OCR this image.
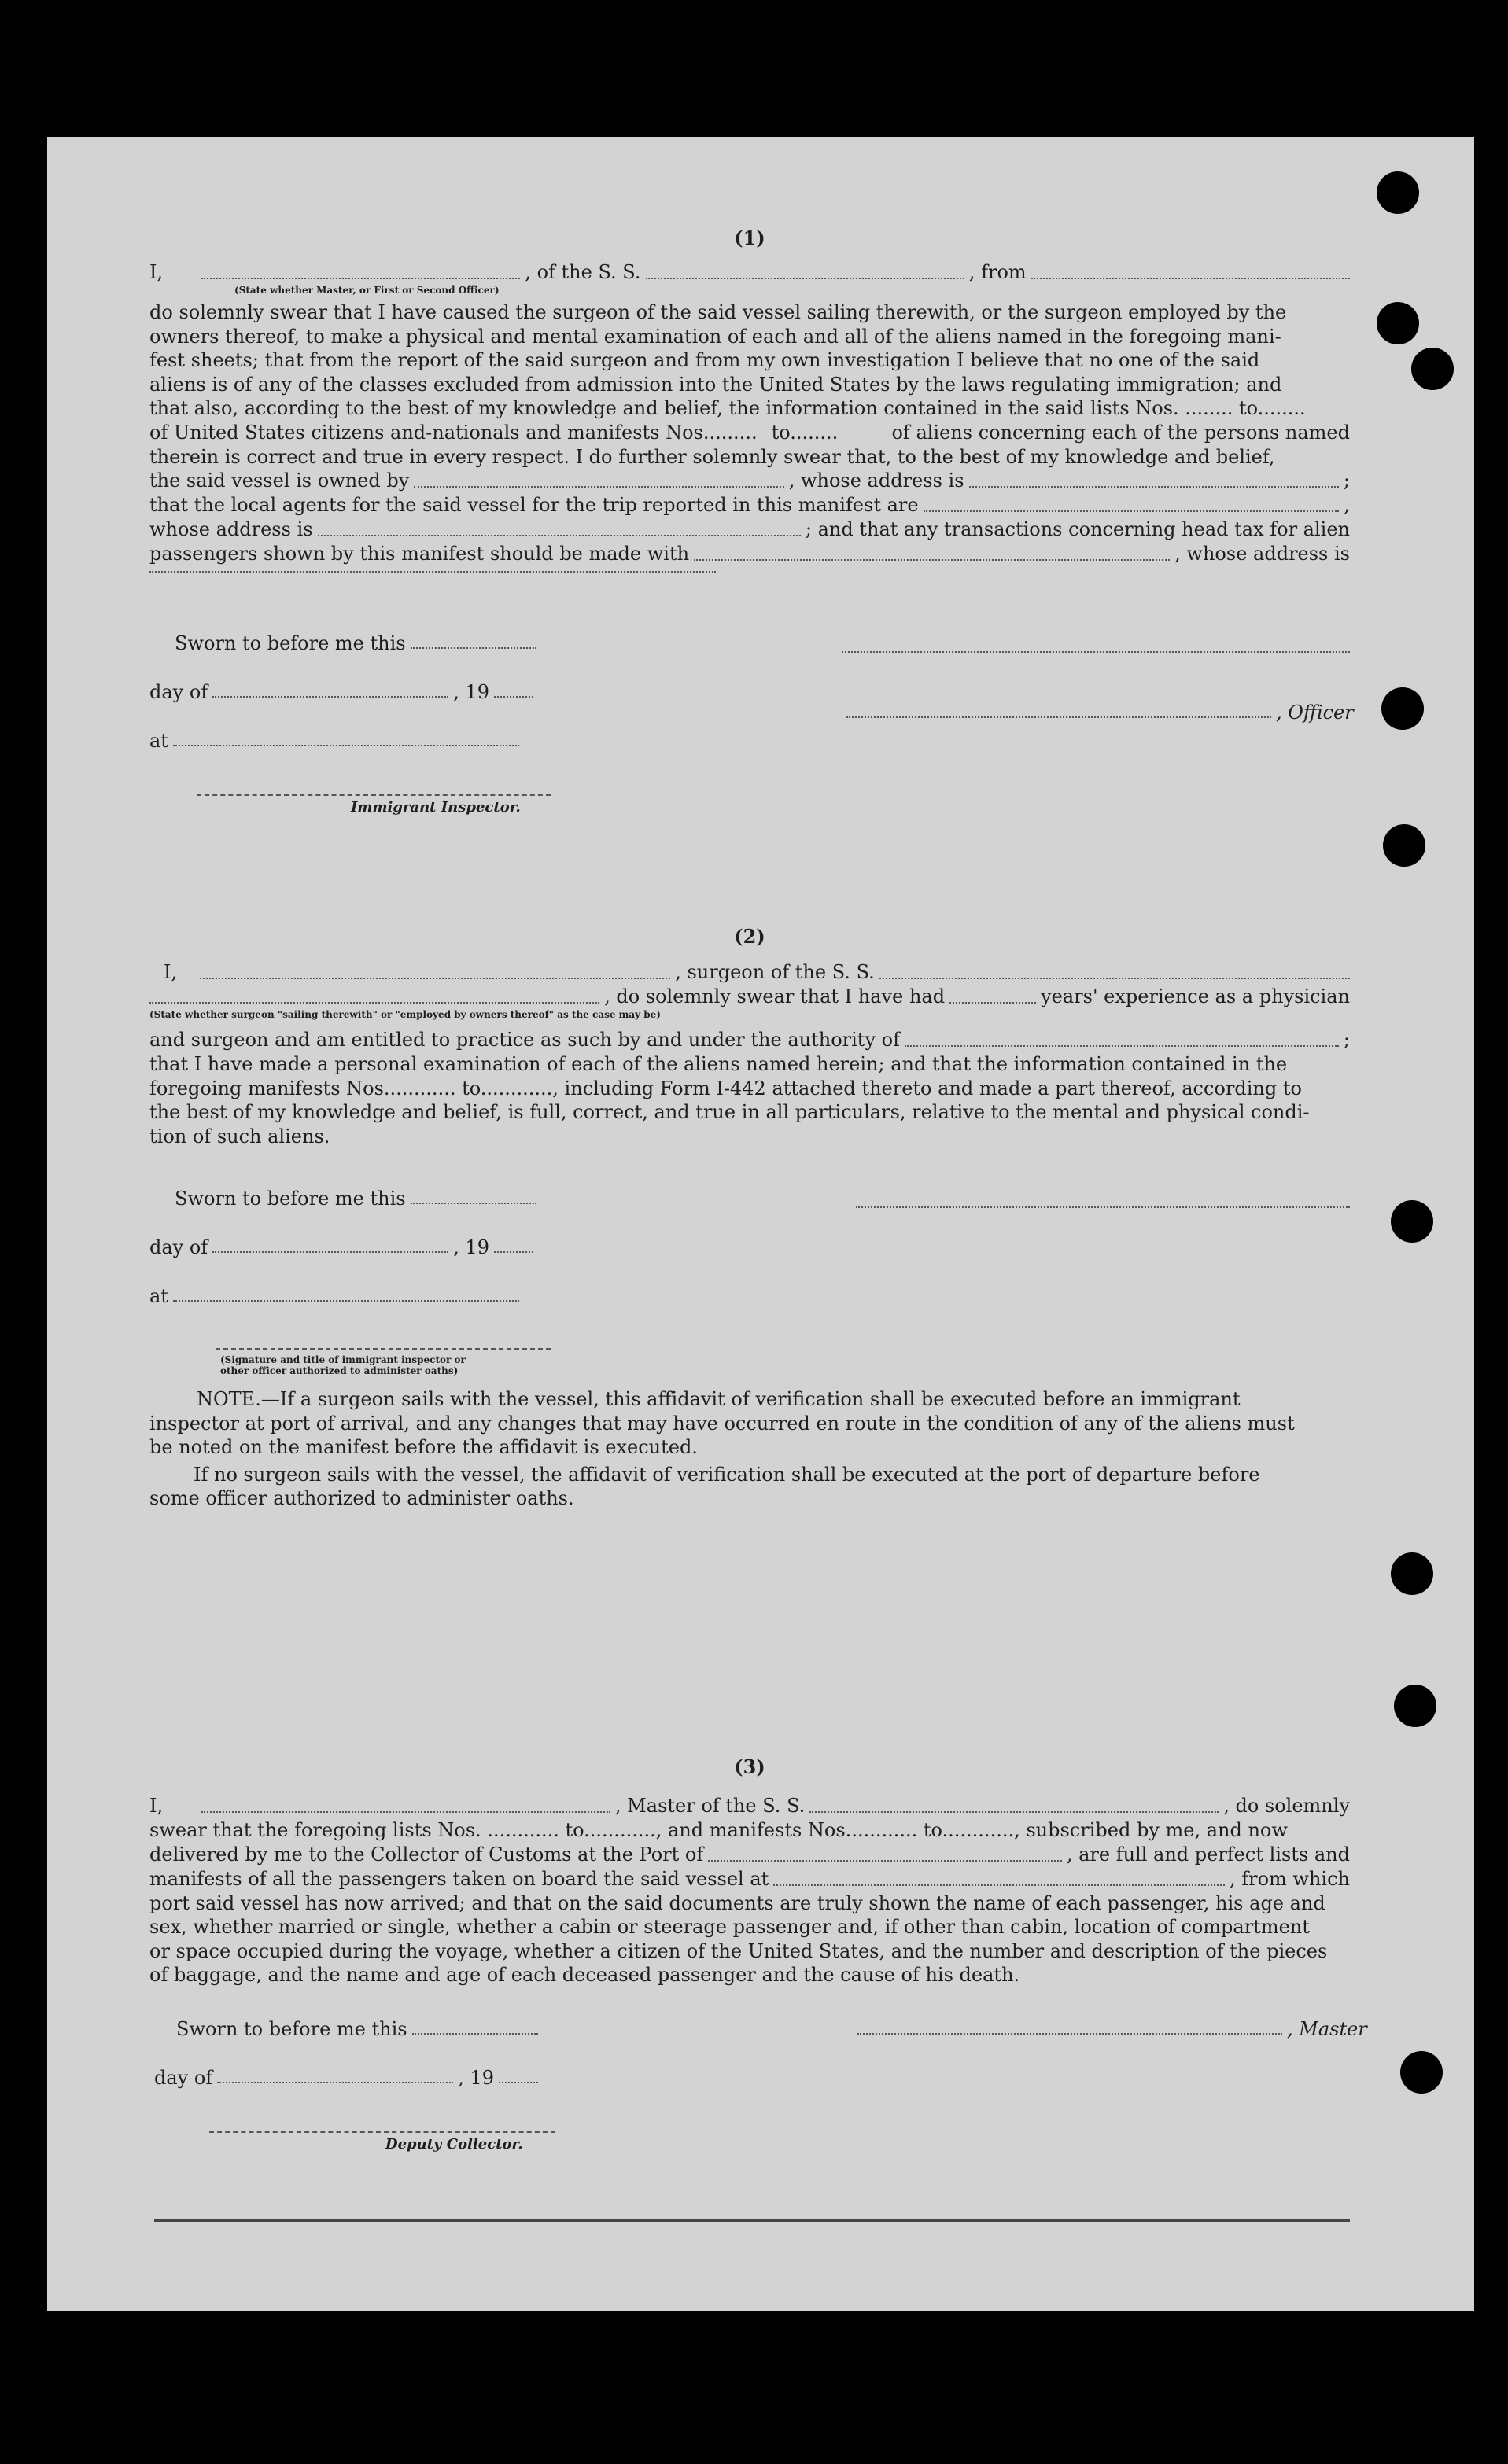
(1)
I,	, of the S. S.	, from
(State whether Master, or First or Second Officer)
do solemnly swear that I have caused the surgeon of the said vessel sailing therewith, or the surgeon employed by the
owners thereof, to make a physical and mental examination of each and all of the aliens named in the foregoing mani-
fest sheets; that from the report of the said surgeon and from my own investigation I believe that no one of the said
aliens is of any of the classes excluded from admission into the United States by the laws regulating immigration; and
that also, according to the best of my knowledge and belief, the information contained in the said lists Nos. ........ to........
of United States citizens and-nationals and manifests Nos......... to........	of aliens concerning each of the persons named
therein is correct and true in every respect. I do further solemnly swear that, to the best of my knowledge and belief,
the said vessel is owned by	, whose address is	;
that the local agents for the said vessel for the trip reported in this manifest are	,
whose address is	; and that any transactions concerning head tax for alien
passengers shown by this manifest should be made with	, whose address is
Sworn to before me this
day of	, 19
at
Immigrant Inspector.
, Officer
(2)
I,	, surgeon of the S. S.
, do solemnly swear that I have had	years' experience as a physician
(State whether surgeon "sailing therewith" or "employed by owners thereof" as the case may be)
and surgeon and am entitled to practice as such by and under the authority of	;
that I have made a personal examination of each of the aliens named herein; and that the information contained in the
foregoing manifests Nos............ to............, including Form I-442 attached thereto and made a part thereof, according to
the best of my knowledge and belief, is full, correct, and true in all particulars, relative to the mental and physical condi-
tion of such aliens.
Sworn to before me this
day of	, 19
at
(Signature and title of immigrant inspector or
other officer authorized to administer oaths)
NOTE.—If a surgeon sails with the vessel, this affidavit of verification shall be executed before an immigrant
inspector at port of arrival, and any changes that may have occurred en route in the condition of any of the aliens must
be noted on the manifest before the affidavit is executed.
If no surgeon sails with the vessel, the affidavit of verification shall be executed at the port of departure before
some officer authorized to administer oaths.
(3)
I,	, Master of the S. S.	, do solemnly
swear that the foregoing lists Nos. ............ to............, and manifests Nos............ to............, subscribed by me, and now
delivered by me to the Collector of Customs at the Port of	, are full and perfect lists and
manifests of all the passengers taken on board the said vessel at	, from which
port said vessel has now arrived; and that on the said documents are truly shown the name of each passenger, his age and
sex, whether married or single, whether a cabin or steerage passenger and, if other than cabin, location of compartment
or space occupied during the voyage, whether a citizen of the United States, and the number and description of the pieces
of baggage, and the name and age of each deceased passenger and the cause of his death.
Sworn to before me this
day of	, 19
Deputy Collector.
, Master
